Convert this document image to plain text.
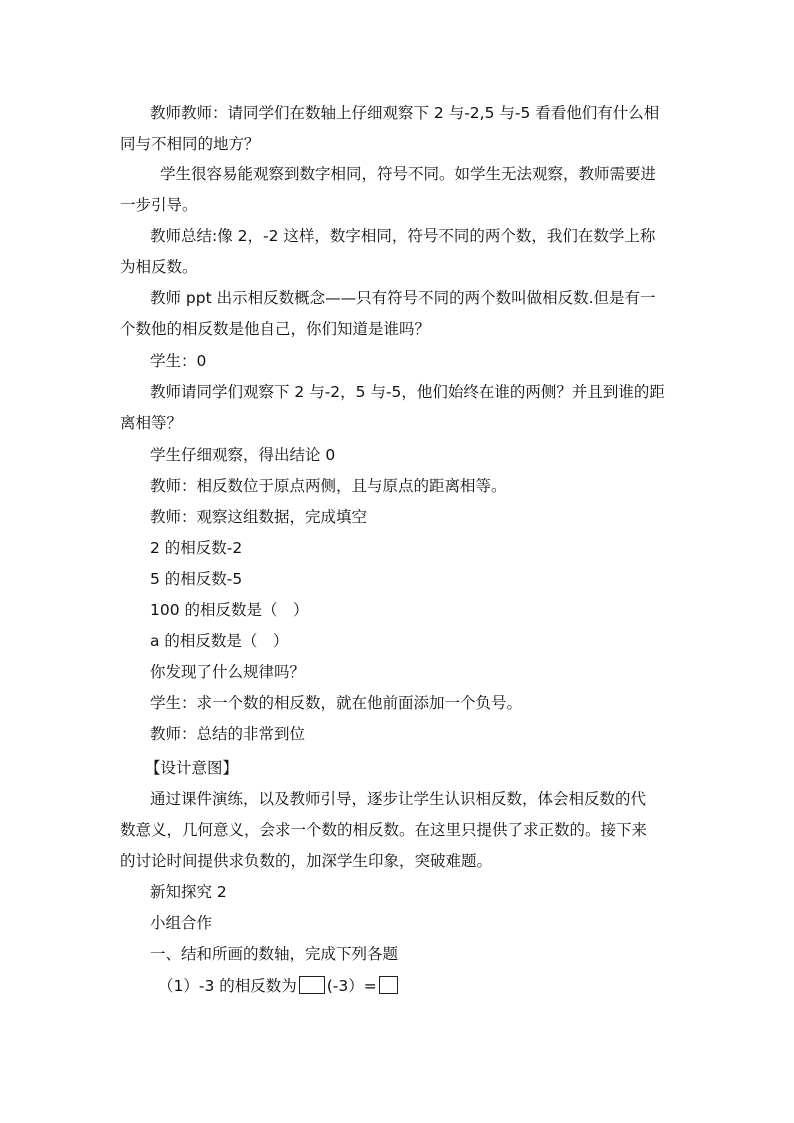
教师教师：请同学们在数轴上仔细观察下 2 与-2,5 与-5 看看他们有什么相
同与不相同的地方？
学生很容易能观察到数字相同，符号不同。如学生无法观察，教师需要进
一步引导。
教师总结:像 2，-2 这样，数字相同，符号不同的两个数，我们在数学上称
为相反数。
教师 ppt 出示相反数概念——只有符号不同的两个数叫做相反数.但是有一
个数他的相反数是他自己，你们知道是谁吗？
学生：0
教师请同学们观察下 2 与-2，5 与-5，他们始终在谁的两侧？并且到谁的距
离相等？
学生仔细观察，得出结论 0
教师：相反数位于原点两侧，且与原点的距离相等。
教师：观察这组数据，完成填空
2 的相反数-2
5 的相反数-5
100 的相反数是（　）
a 的相反数是（　）
你发现了什么规律吗？
学生：求一个数的相反数，就在他前面添加一个负号。
教师：总结的非常到位
【设计意图】
通过课件演练，以及教师引导，逐步让学生认识相反数，体会相反数的代
数意义，几何意义，会求一个数的相反数。在这里只提供了求正数的。接下来
的讨论时间提供求负数的，加深学生印象，突破难题。
新知探究 2
小组合作
一、结和所画的数轴，完成下列各题
（1）-3 的相反数为 (-3）=
